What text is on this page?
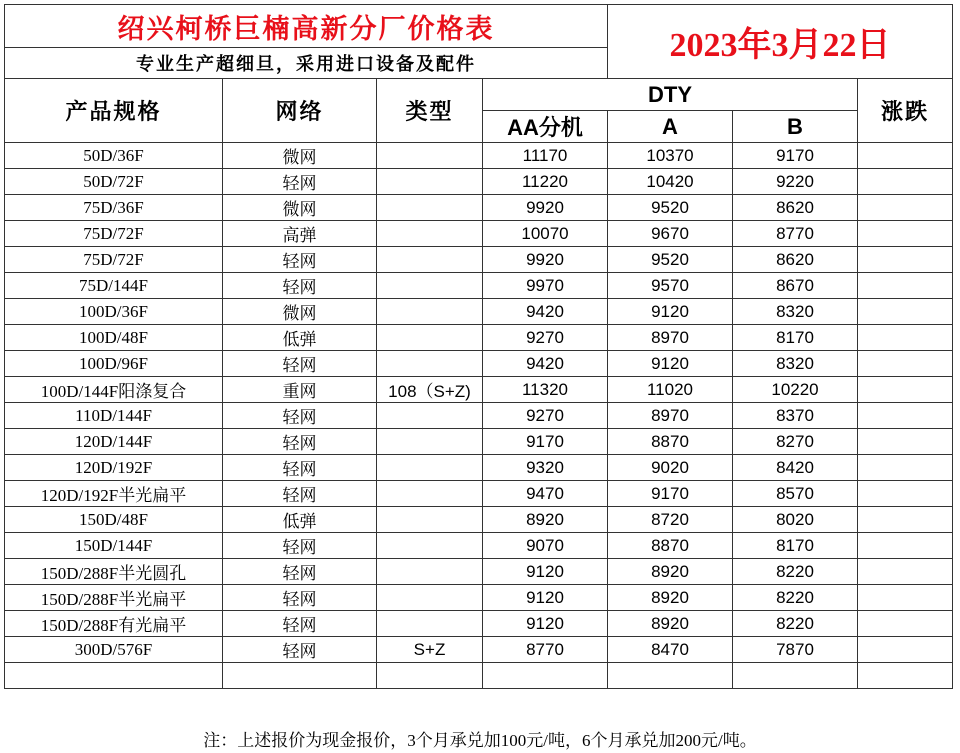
绍兴柯桥巨楠高新分厂价格表				2023年3月22日		
专业生产超细旦，采用进口设备及配件						
产品规格	网络	类型	DTY			涨跌
			AA分机	A	B	
50D/36F	微网		11170	10370	9170	
50D/72F	轻网		11220	10420	9220	
75D/36F	微网		9920	9520	8620	
75D/72F	高弹		10070	9670	8770	
75D/72F	轻网		9920	9520	8620	
75D/144F	轻网		9970	9570	8670	
100D/36F	微网		9420	9120	8320	
100D/48F	低弹		9270	8970	8170	
100D/96F	轻网		9420	9120	8320	
100D/144F阳涤复合	重网	108（S+Z)	11320	11020	10220	
110D/144F	轻网		9270	8970	8370	
120D/144F	轻网		9170	8870	8270	
120D/192F	轻网		9320	9020	8420	
120D/192F半光扁平	轻网		9470	9170	8570	
150D/48F	低弹		8920	8720	8020	
150D/144F	轻网		9070	8870	8170	
150D/288F半光圆孔	轻网		9120	8920	8220	
150D/288F半光扁平	轻网		9120	8920	8220	
150D/288F有光扁平	轻网		9120	8920	8220	
300D/576F	轻网	S+Z	8770	8470	7870	

注：上述报价为现金报价，3个月承兑加100元/吨，6个月承兑加200元/吨。
